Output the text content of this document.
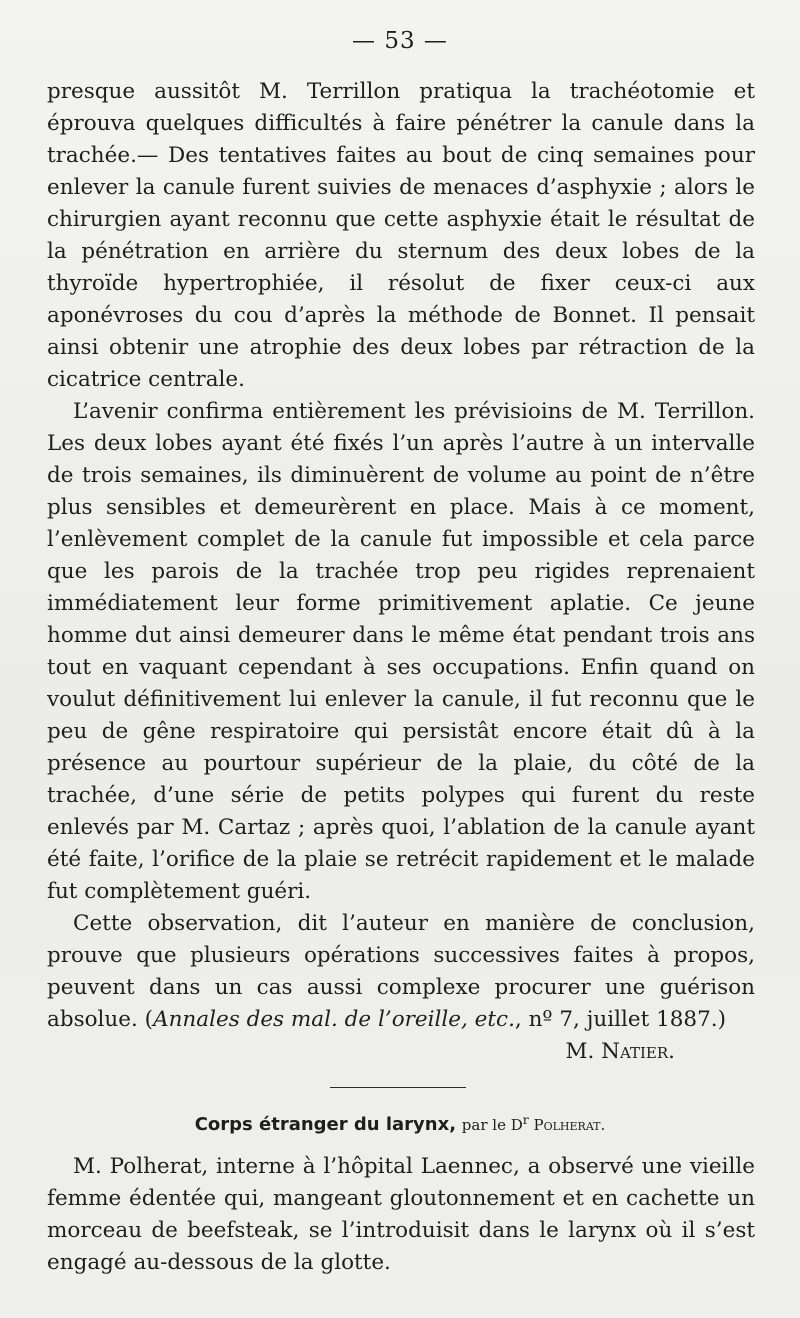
— 53 —

presque aussitôt M. Terrillon pratiqua la trachéotomie et éprouva quelques difficultés à faire pénétrer la canule dans la trachée.— Des tentatives faites au bout de cinq semaines pour enlever la canule furent suivies de menaces d’asphyxie ; alors le chirurgien ayant reconnu que cette asphyxie était le résultat de la pénétration en arrière du sternum des deux lobes de la thyroïde hypertrophiée, il résolut de fixer ceux-ci aux aponévroses du cou d’après la méthode de Bonnet. Il pensait ainsi obtenir une atrophie des deux lobes par rétraction de la cicatrice centrale.

L’avenir confirma entièrement les prévisioins de M. Terrillon. Les deux lobes ayant été fixés l’un après l’autre à un intervalle de trois semaines, ils diminuèrent de volume au point de n’être plus sensibles et demeurèrent en place. Mais à ce moment, l’enlèvement complet de la canule fut impossible et cela parce que les parois de la trachée trop peu rigides reprenaient immédiatement leur forme primitivement aplatie. Ce jeune homme dut ainsi demeurer dans le même état pendant trois ans tout en vaquant cependant à ses occupations. Enfin quand on voulut définitivement lui enlever la canule, il fut reconnu que le peu de gêne respiratoire qui persistât encore était dû à la présence au pourtour supérieur de la plaie, du côté de la trachée, d’une série de petits polypes qui furent du reste enlevés par M. Cartaz ; après quoi, l’ablation de la canule ayant été faite, l’orifice de la plaie se retrécit rapidement et le malade fut complètement guéri.

Cette observation, dit l’auteur en manière de conclusion, prouve que plusieurs opérations successives faites à propos, peuvent dans un cas aussi complexe procurer une guérison absolue. (Annales des mal. de l’oreille, etc., nº 7, juillet 1887.)

M. Natier.

Corps étranger du larynx, par le $D^r$ Polherat.

M. Polherat, interne à l’hôpital Laennec, a observé une vieille femme édentée qui, mangeant gloutonnement et en cachette un morceau de beefsteak, se l’introduisit dans le larynx où il s’est engagé au-dessous de la glotte.
